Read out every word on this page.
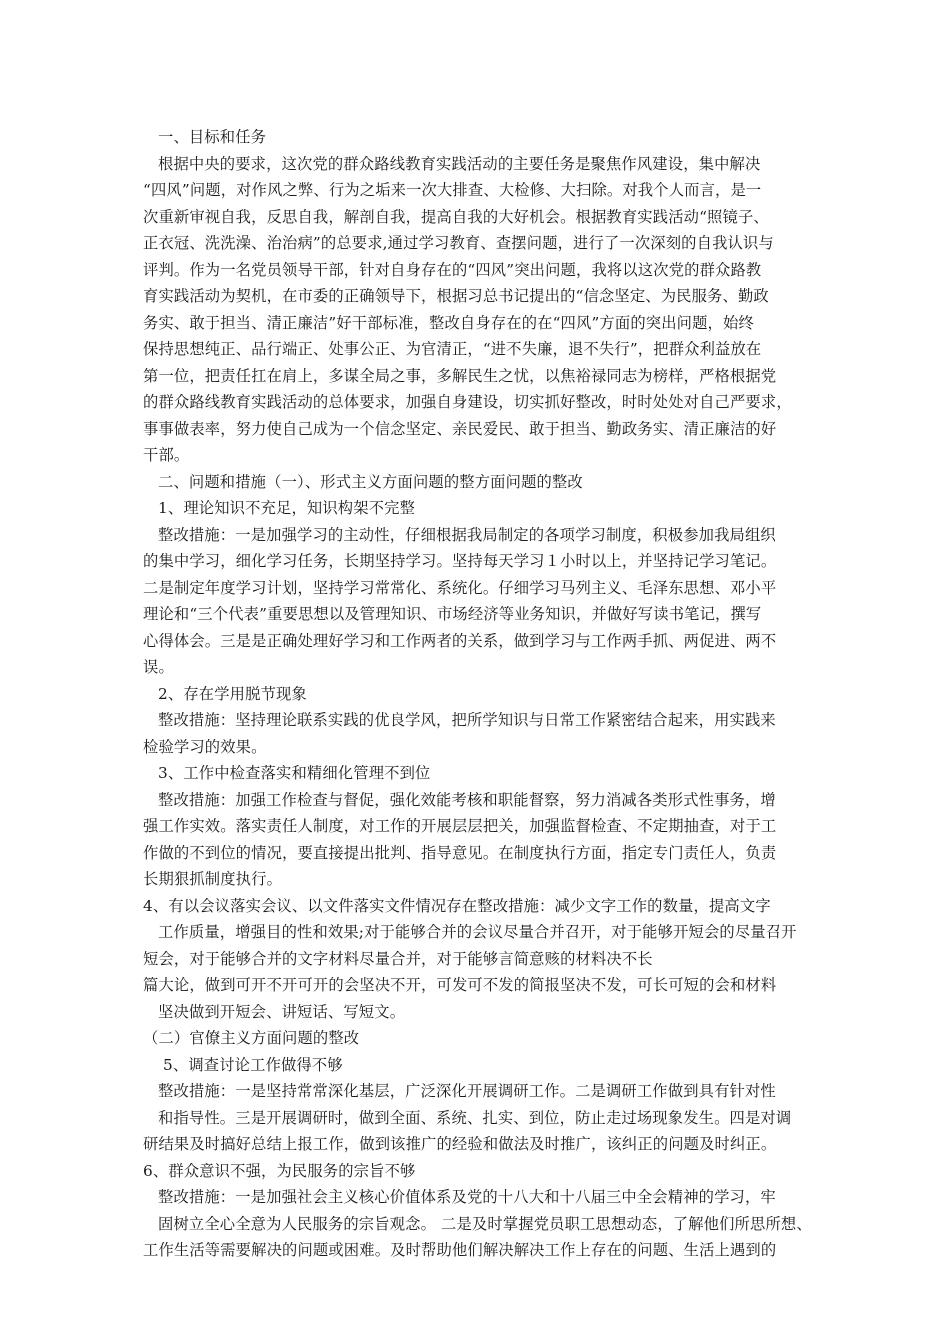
一、目标和任务
根据中央的要求，这次党的群众路线教育实践活动的主要任务是聚焦作风建设，集中解决
“四风”问题，对作风之弊、行为之垢来一次大排查、大检修、大扫除。对我个人而言，是一
次重新审视自我，反思自我，解剖自我，提高自我的大好机会。根据教育实践活动“照镜子、
正衣冠、洗洗澡、治治病”的总要求,通过学习教育、查摆问题，进行了一次深刻的自我认识与
评判。作为一名党员领导干部，针对自身存在的“四风”突出问题，我将以这次党的群众路教
育实践活动为契机，在市委的正确领导下，根据习总书记提出的“信念坚定、为民服务、勤政
务实、敢于担当、清正廉洁”好干部标准，整改自身存在的在“四风”方面的突出问题，始终
保持思想纯正、品行端正、处事公正、为官清正，“进不失廉，退不失行”，把群众利益放在
第一位，把责任扛在肩上，多谋全局之事，多解民生之忧，以焦裕禄同志为榜样，严格根据党
的群众路线教育实践活动的总体要求，加强自身建设，切实抓好整改，时时处处对自己严要求，
事事做表率，努力使自己成为一个信念坚定、亲民爱民、敢于担当、勤政务实、清正廉洁的好
干部。
二、问题和措施（一）、形式主义方面问题的整方面问题的整改
1、理论知识不充足，知识构架不完整
整改措施：一是加强学习的主动性，仔细根据我局制定的各项学习制度，积极参加我局组织
的集中学习，细化学习任务，长期坚持学习。坚持每天学习１小时以上，并坚持记学习笔记。
二是制定年度学习计划，坚持学习常常化、系统化。仔细学习马列主义、毛泽东思想、邓小平
理论和“三个代表”重要思想以及管理知识、市场经济等业务知识，并做好写读书笔记，撰写
心得体会。三是是正确处理好学习和工作两者的关系，做到学习与工作两手抓、两促进、两不
误。
2、存在学用脱节现象
整改措施：坚持理论联系实践的优良学风，把所学知识与日常工作紧密结合起来，用实践来
检验学习的效果。
3、工作中检查落实和精细化管理不到位
整改措施：加强工作检查与督促，强化效能考核和职能督察，努力消减各类形式性事务，增
强工作实效。落实责任人制度，对工作的开展层层把关，加强监督检查、不定期抽查，对于工
作做的不到位的情况，要直接提出批判、指导意见。在制度执行方面，指定专门责任人，负责
长期狠抓制度执行。
4、有以会议落实会议、以文件落实文件情况存在整改措施：减少文字工作的数量，提高文字
工作质量，增强目的性和效果;对于能够合并的会议尽量合并召开，对于能够开短会的尽量召开
短会，对于能够合并的文字材料尽量合并，对于能够言简意赅的材料决不长
篇大论，做到可开不开可开的会坚决不开，可发可不发的简报坚决不发，可长可短的会和材料
坚决做到开短会、讲短话、写短文。
（二）官僚主义方面问题的整改
5、调查讨论工作做得不够
整改措施：一是坚持常常深化基层，广泛深化开展调研工作。二是调研工作做到具有针对性
和指导性。三是开展调研时，做到全面、系统、扎实、到位，防止走过场现象发生。四是对调
研结果及时搞好总结上报工作，做到该推广的经验和做法及时推广，该纠正的问题及时纠正。
6、群众意识不强，为民服务的宗旨不够
整改措施：一是加强社会主义核心价值体系及党的十八大和十八届三中全会精神的学习，牢
固树立全心全意为人民服务的宗旨观念。 二是及时掌握党员职工思想动态，了解他们所思所想、
工作生活等需要解决的问题或困难。及时帮助他们解决解决工作上存在的问题、生活上遇到的
